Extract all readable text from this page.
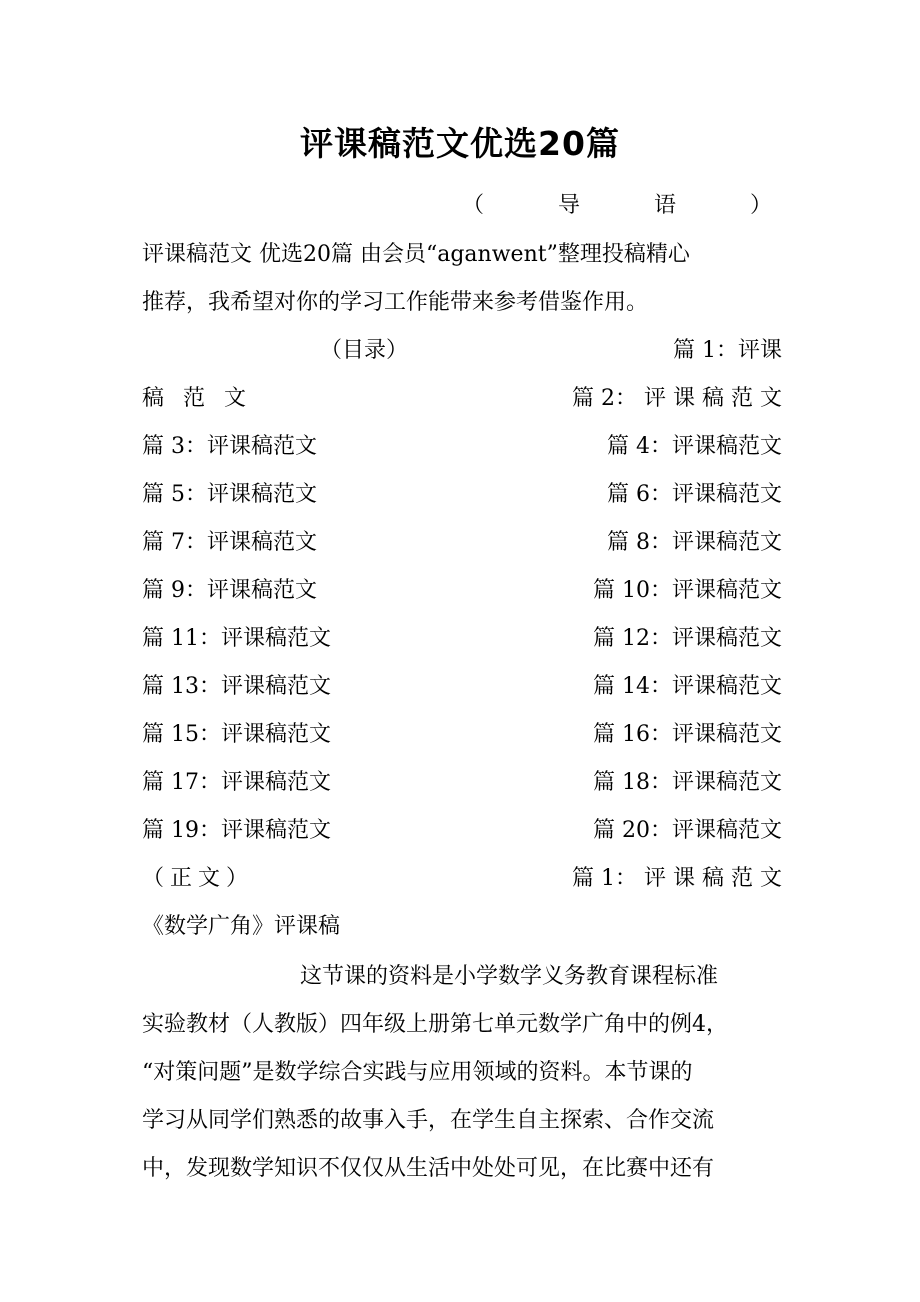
评课稿范文优选20篇
（	导	语	）
评课稿范文 优选20篇 由会员“aganwent”整理投稿精心
推荐，我希望对你的学习工作能带来参考借鉴作用。
（目录）	篇 1：评课
稿 范 文	篇 2： 评 课 稿 范 文
篇 3：评课稿范文	篇 4：评课稿范文
篇 5：评课稿范文	篇 6：评课稿范文
篇 7：评课稿范文	篇 8：评课稿范文
篇 9：评课稿范文	篇 10：评课稿范文
篇 11：评课稿范文	篇 12：评课稿范文
篇 13：评课稿范文	篇 14：评课稿范文
篇 15：评课稿范文	篇 16：评课稿范文
篇 17：评课稿范文	篇 18：评课稿范文
篇 19：评课稿范文	篇 20：评课稿范文
（正文）	篇 1： 评 课 稿 范 文
《数学广角》评课稿
这节课的资料是小学数学义务教育课程标准
实验教材（人教版）四年级上册第七单元数学广角中的例4，
“对策问题”是数学综合实践与应用领域的资料。本节课的
学习从同学们熟悉的故事入手，在学生自主探索、合作交流
中，发现数学知识不仅仅从生活中处处可见，在比赛中还有
